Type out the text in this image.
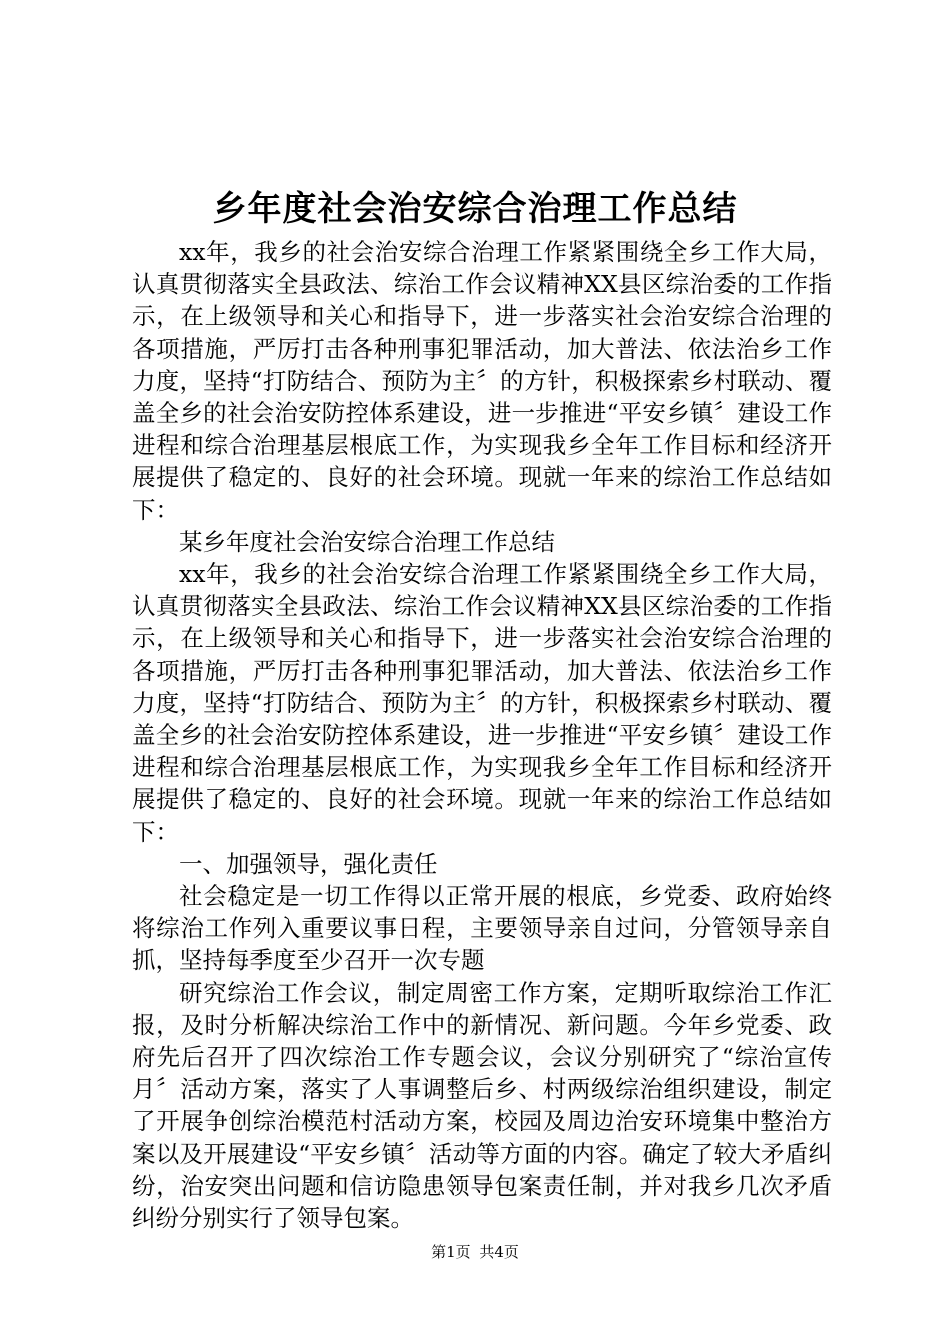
乡年度社会治安综合治理工作总结

xx年，我乡的社会治安综合治理工作紧紧围绕全乡工作大局，认真贯彻落实全县政法、综治工作会议精神XX县区综治委的工作指示，在上级领导和关心和指导下，进一步落实社会治安综合治理的各项措施，严厉打击各种刑事犯罪活动，加大普法、依法治乡工作力度，坚持“打防结合、预防为主〞的方针，积极探索乡村联动、覆盖全乡的社会治安防控体系建设，进一步推进“平安乡镇〞建设工作进程和综合治理基层根底工作，为实现我乡全年工作目标和经济开展提供了稳定的、良好的社会环境。现就一年来的综治工作总结如下：

某乡年度社会治安综合治理工作总结

xx年，我乡的社会治安综合治理工作紧紧围绕全乡工作大局，认真贯彻落实全县政法、综治工作会议精神XX县区综治委的工作指示，在上级领导和关心和指导下，进一步落实社会治安综合治理的各项措施，严厉打击各种刑事犯罪活动，加大普法、依法治乡工作力度，坚持“打防结合、预防为主〞的方针，积极探索乡村联动、覆盖全乡的社会治安防控体系建设，进一步推进“平安乡镇〞建设工作进程和综合治理基层根底工作，为实现我乡全年工作目标和经济开展提供了稳定的、良好的社会环境。现就一年来的综治工作总结如下：

一、加强领导，强化责任

社会稳定是一切工作得以正常开展的根底，乡党委、政府始终将综治工作列入重要议事日程，主要领导亲自过问，分管领导亲自抓，坚持每季度至少召开一次专题

研究综治工作会议，制定周密工作方案，定期听取综治工作汇报，及时分析解决综治工作中的新情况、新问题。今年乡党委、政府先后召开了四次综治工作专题会议，会议分别研究了“综治宣传月〞活动方案，落实了人事调整后乡、村两级综治组织建设，制定了开展争创综治模范村活动方案，校园及周边治安环境集中整治方案以及开展建设“平安乡镇〞活动等方面的内容。确定了较大矛盾纠纷，治安突出问题和信访隐患领导包案责任制，并对我乡几次矛盾纠纷分别实行了领导包案。

第1页 共4页
